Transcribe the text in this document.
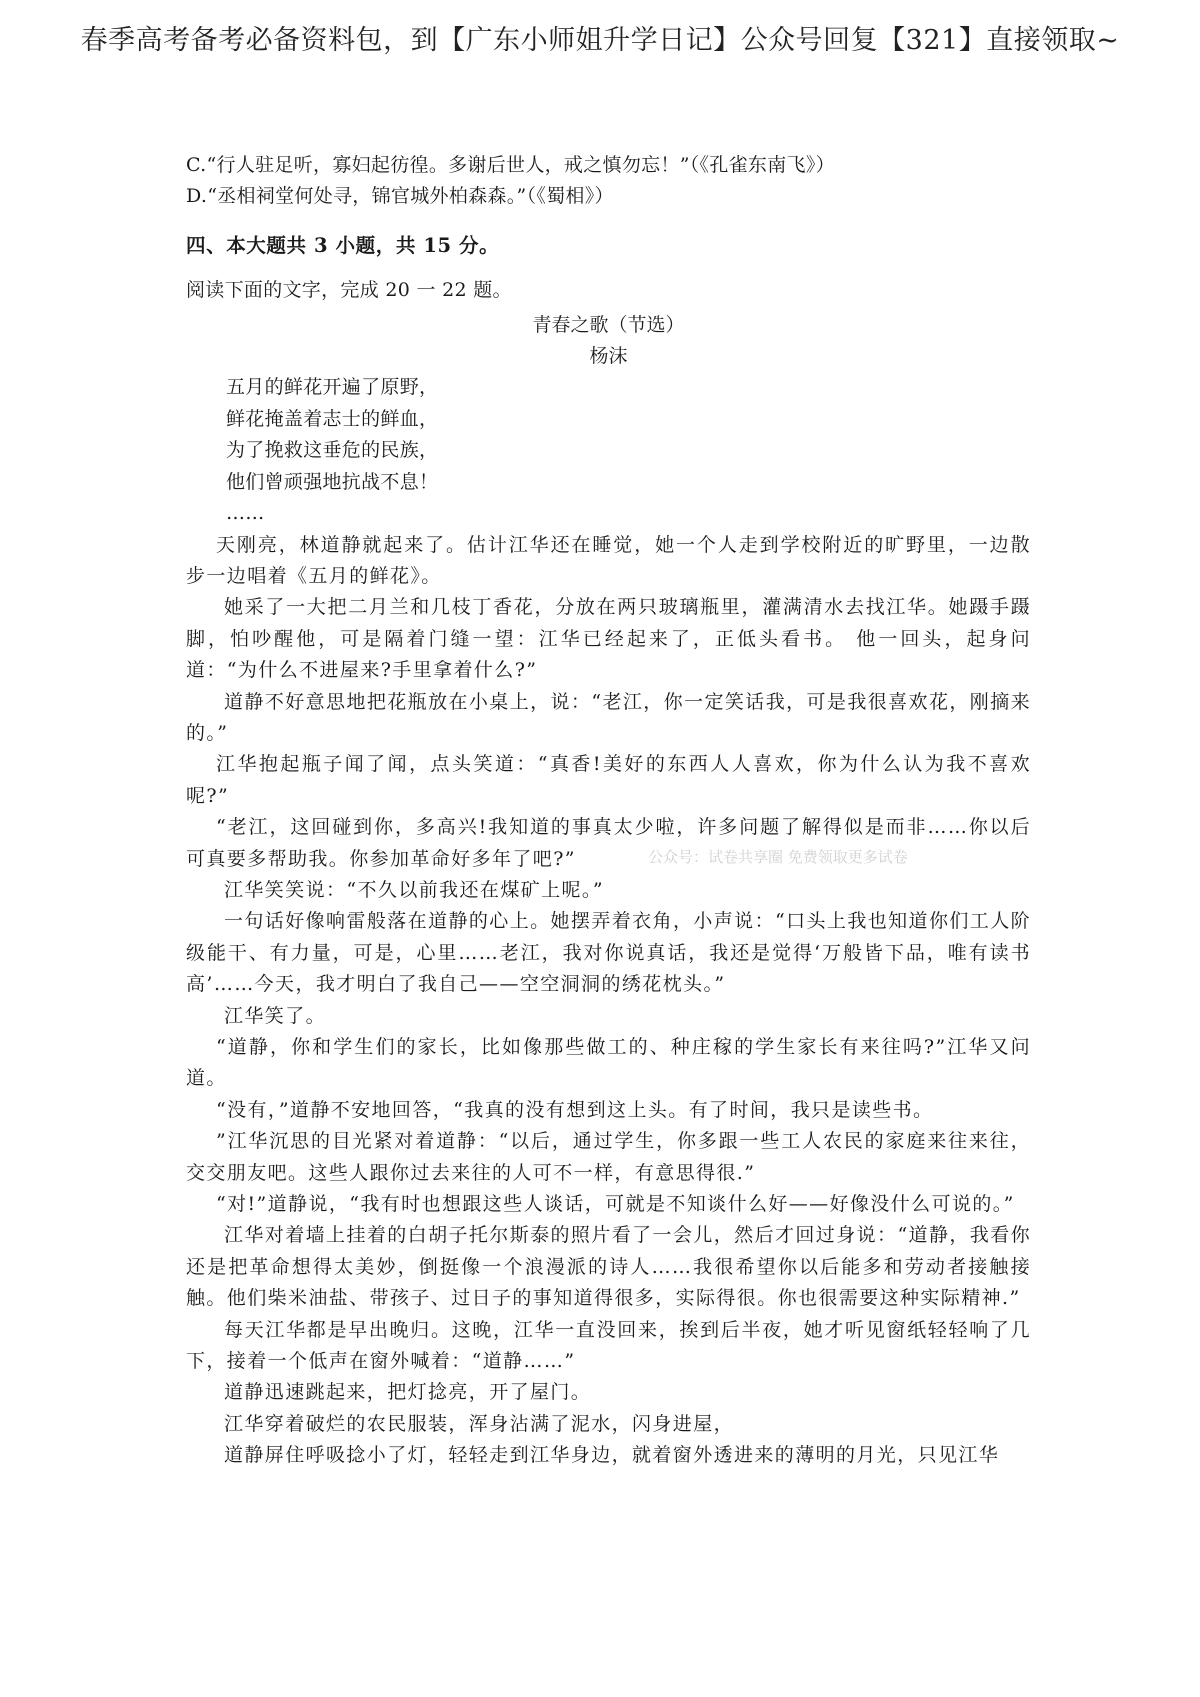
春季高考备考必备资料包，到【广东小师姐升学日记】公众号回复【321】直接领取~
C.“行人驻足听，寡妇起彷徨。多谢后世人，戒之慎勿忘！”（《孔雀东南飞》）
D.“丞相祠堂何处寻，锦官城外柏森森。”（《蜀相》）
四、本大题共 3 小题，共 15 分。
阅读下面的文字，完成 20 一 22 题。
青春之歌（节选）
杨沫
五月的鲜花开遍了原野，
鲜花掩盖着志士的鲜血，
为了挽救这垂危的民族，
他们曾顽强地抗战不息！
……

天刚亮，林道静就起来了。估计江华还在睡觉，她一个人走到学校附近的旷野里，一边散步一边唱着《五月的鲜花》。

她采了一大把二月兰和几枝丁香花，分放在两只玻璃瓶里，灌满清水去找江华。她蹑手蹑脚，怕吵醒他，可是隔着门缝一望：江华已经起来了，正低头看书。 他一回头，起身问道：“为什么不进屋来?手里拿着什么?”

道静不好意思地把花瓶放在小桌上，说：“老江，你一定笑话我，可是我很喜欢花，刚摘来的。”

江华抱起瓶子闻了闻，点头笑道：“真香!美好的东西人人喜欢，你为什么认为我不喜欢呢?”

“老江，这回碰到你，多高兴!我知道的事真太少啦，许多问题了解得似是而非……你以后可真要多帮助我。你参加革命好多年了吧?”

江华笑笑说：“不久以前我还在煤矿上呢。”

一句话好像响雷般落在道静的心上。她摆弄着衣角，小声说：“口头上我也知道你们工人阶级能干、有力量，可是，心里……老江，我对你说真话，我还是觉得‘万般皆下品，唯有读书高’……今天，我才明白了我自己——空空洞洞的绣花枕头。”

江华笑了。

“道静，你和学生们的家长，比如像那些做工的、种庄稼的学生家长有来往吗?”江华又问道。

“没有，”道静不安地回答，“我真的没有想到这上头。有了时间，我只是读些书。

”江华沉思的目光紧对着道静：“以后，通过学生，你多跟一些工人农民的家庭来往来往，交交朋友吧。这些人跟你过去来往的人可不一样，有意思得很.”

“对!”道静说，“我有时也想跟这些人谈话，可就是不知谈什么好——好像没什么可说的。”

江华对着墙上挂着的白胡子托尔斯泰的照片看了一会儿，然后才回过身说：“道静，我看你还是把革命想得太美妙，倒挺像一个浪漫派的诗人……我很希望你以后能多和劳动者接触接触。他们柴米油盐、带孩子、过日子的事知道得很多，实际得很。你也很需要这种实际精神.”

每天江华都是早出晚归。这晚，江华一直没回来，挨到后半夜，她才听见窗纸轻轻响了几下，接着一个低声在窗外喊着：“道静……”

道静迅速跳起来，把灯捻亮，开了屋门。

江华穿着破烂的农民服装，浑身沾满了泥水，闪身进屋，

道静屏住呼吸捻小了灯，轻轻走到江华身边，就着窗外透进来的薄明的月光，只见江华

公众号：试卷共享圈 免费领取更多试卷
